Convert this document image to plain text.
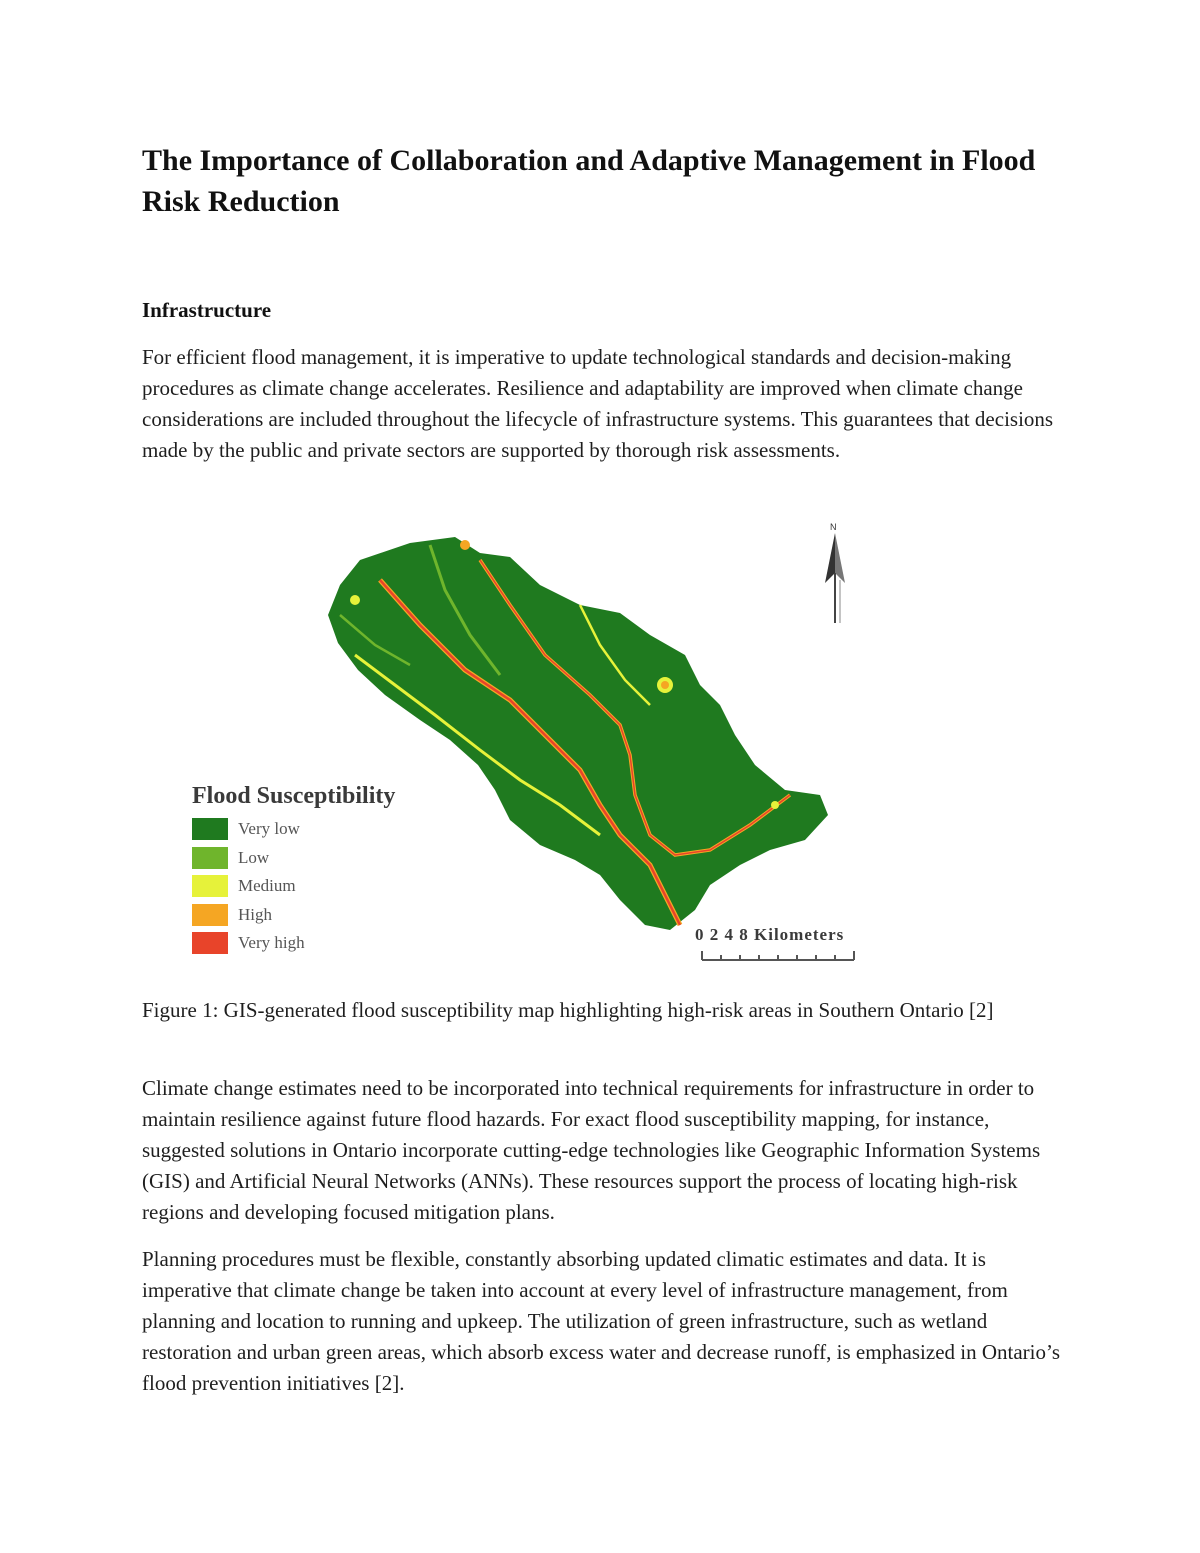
The Importance of Collaboration and Adaptive Management in Flood Risk Reduction
Infrastructure

For efficient flood management, it is imperative to update technological standards and decision-making procedures as climate change accelerates. Resilience and adaptability are improved when climate change considerations are included throughout the lifecycle of infrastructure systems. This guarantees that decisions made by the public and private sectors are supported by thorough risk assessments.

N
Flood Susceptibility
Very low
Low
Medium
High
Very high	0 2 4 8 Kilometers

Figure 1: GIS-generated flood susceptibility map highlighting high-risk areas in Southern Ontario [2]

Climate change estimates need to be incorporated into technical requirements for infrastructure in order to maintain resilience against future flood hazards. For exact flood susceptibility mapping, for instance, suggested solutions in Ontario incorporate cutting-edge technologies like Geographic Information Systems (GIS) and Artificial Neural Networks (ANNs). These resources support the process of locating high-risk regions and developing focused mitigation plans.

Planning procedures must be flexible, constantly absorbing updated climatic estimates and data. It is imperative that climate change be taken into account at every level of infrastructure management, from planning and location to running and upkeep. The utilization of green infrastructure, such as wetland restoration and urban green areas, which absorb excess water and decrease runoff, is emphasized in Ontario’s flood prevention initiatives [2].
